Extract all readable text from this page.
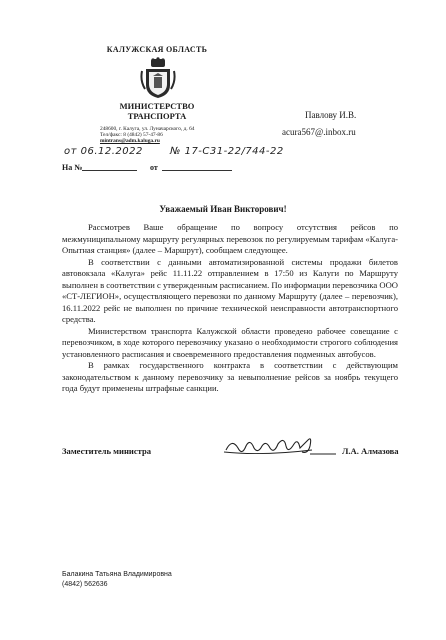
КАЛУЖСКАЯ ОБЛАСТЬ
МИНИСТЕРСТВО
ТРАНСПОРТА
248600, г. Калуга, ул. Луначарского, д. 64
Тел/факс: 8 (4842) 57-47-86
mintrans@adm.kaluga.ru
от 06.12.2022	№ 17-С31-22/744-22
На №	от
Павлову И.В.
acura567@.inbox.ru
Уважаемый Иван Викторович!

Рассмотрев Ваше обращение по вопросу отсутствия рейсов по межмуниципальному маршруту регулярных перевозок по регулируемым тарифам «Калуга-Опытная станция» (далее – Маршрут), сообщаем следующее.

В соответствии с данными автоматизированной системы продажи билетов автовокзала «Калуга» рейс 11.11.22 отправлением в 17:50 из Калуги по Маршруту выполнен в соответствии с утвержденным расписанием. По информации перевозчика ООО «СТ-ЛЕГИОН», осуществляющего перевозки по данному Маршруту (далее – перевозчик), 16.11.2022 рейс не выполнен по причине технической неисправности автотранспортного средства.

Министерством транспорта Калужской области проведено рабочее совещание с перевозчиком, в ходе которого перевозчику указано о необходимости строгого соблюдения установленного расписания и своевременного предоставления подменных автобусов.

В рамках государственного контракта в соответствии с действующим законодательством к данному перевозчику за невыполнение рейсов за ноябрь текущего года будут применены штрафные санкции.

Заместитель министра	Л.А. Алмазова
Балакина Татьяна Владимировна
(4842) 562636
